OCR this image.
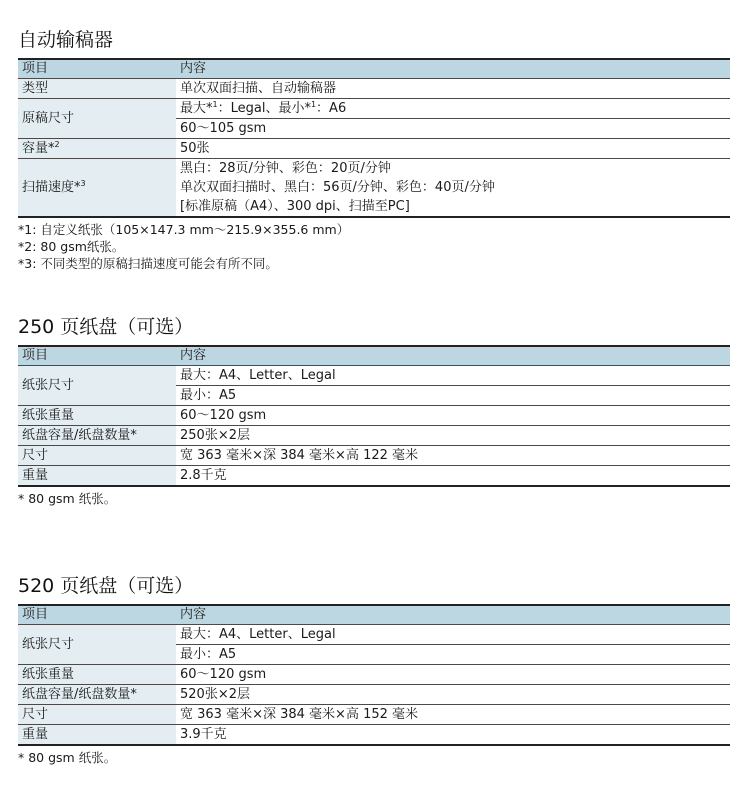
自动输稿器
项目	内容

类型	单次双面扫描、自动输稿器

原稿尺寸	最大*$^1$：Legal、最小*$^1$：A6
60～105 gsm

容量*$^2$	50张

扫描速度*$^3$	黑白：28页/分钟、彩色：20页/分钟
单次双面扫描时、黑白：56页/分钟、彩色：40页/分钟
[标准原稿（A4）、300 dpi、扫描至PC]
*1: 自定义纸张（105×147.3 mm～215.9×355.6 mm）
*2: 80 gsm纸张。
*3: 不同类型的原稿扫描速度可能会有所不同。
250 页纸盘（可选）
项目	内容

纸张尺寸	最大：A4、Letter、Legal
最小：A5

纸张重量	60～120 gsm

纸盘容量/纸盘数量*	250张×2层

尺寸	宽 363 毫米×深 384 毫米×高 122 毫米

重量	2.8千克
* 80 gsm 纸张。
520 页纸盘（可选）
项目	内容

纸张尺寸	最大：A4、Letter、Legal
最小：A5

纸张重量	60～120 gsm

纸盘容量/纸盘数量*	520张×2层

尺寸	宽 363 毫米×深 384 毫米×高 152 毫米

重量	3.9千克
* 80 gsm 纸张。
